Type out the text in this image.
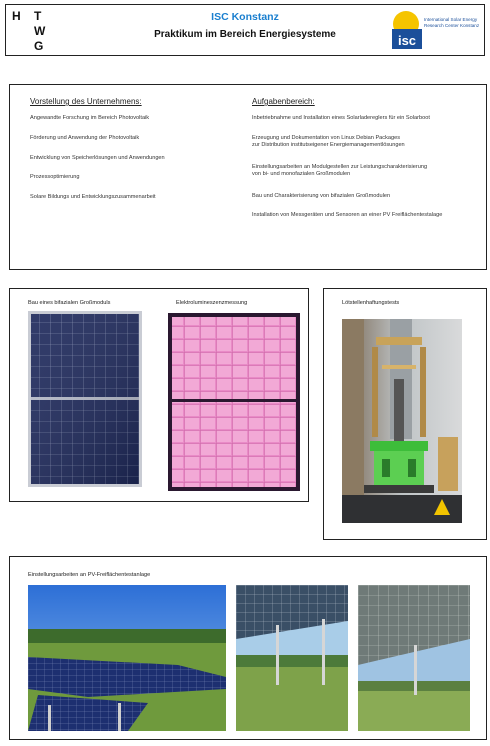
H T
W
G
ISC Konstanz
Praktikum im Bereich Energiesysteme	isc
International Solar Energy
Research Center Konstanz
Vorstellung des Unternehmens:
Angewandte Forschung im Bereich Photovoltaik
Förderung und Anwendung der Photovoltaik
Entwicklung von Speicherlösungen und Anwendungen
Prozessoptimierung
Solare Bildungs und Entwicklungszusammenarbeit
Aufgabenbereich:
Inbetriebnahme und Installation eines Solarladereglers für ein Solarboot
Erzeugung und Dokumentation von Linux Debian Packages
zur Distribution institutseigener Energiemanagementlösungen
Einstellungsarbeiten an Modulgestellen zur Leistungscharakterisierung
von bi- und monofazialen Großmodulen
Bau und Charakterisierung von bifazialen Großmodulen
Installation von Messgeräten und Sensoren an einer PV Freiflächentestalage
Bau eines bifazialen Großmoduls	Elektrolumineszenzmessung	Lötstellenhaftungstests
Einstellungsarbeiten an PV-Freiflächentestanlage
